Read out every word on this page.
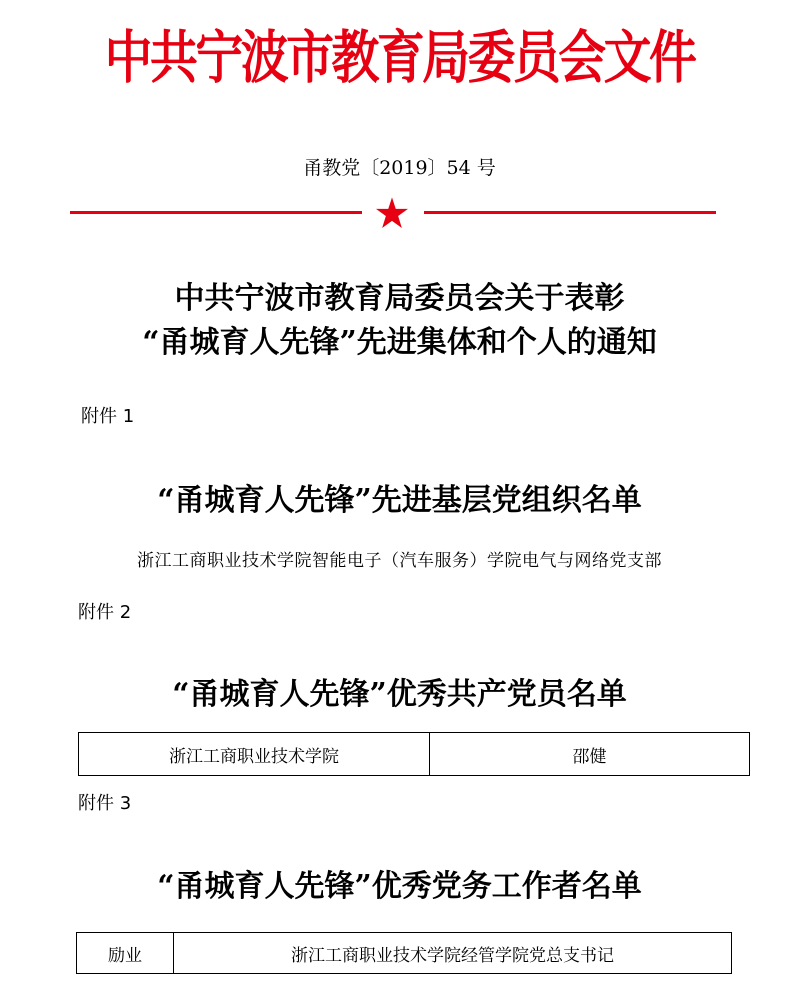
中共宁波市教育局委员会文件
甬教党〔2019〕54 号
中共宁波市教育局委员会关于表彰
“甬城育人先锋”先进集体和个人的通知
附件 1
“甬城育人先锋”先进基层党组织名单
浙江工商职业技术学院智能电子（汽车服务）学院电气与网络党支部
附件 2
“甬城育人先锋”优秀共产党员名单
浙江工商职业技术学院	邵健
附件 3
“甬城育人先锋”优秀党务工作者名单
励业	浙江工商职业技术学院经管学院党总支书记
